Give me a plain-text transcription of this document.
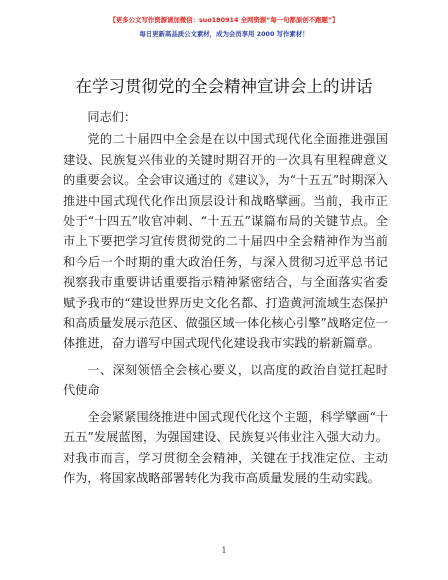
【更多公文写作资源请加微信：suo180914 全网资源“每一句都原创不跑题”】
每日更新高品质公文素材，成为会员享用 2000 写作素材！
在学习贯彻党的全会精神宣讲会上的讲话

同志们：

党的二十届四中全会是在以中国式现代化全面推进强国建设、民族复兴伟业的关键时期召开的一次具有里程碑意义的重要会议。全会审议通过的《建议》，为“十五五”时期深入推进中国式现代化作出顶层设计和战略擘画。当前，我市正处于“十四五”收官冲刺、“十五五”谋篇布局的关键节点。全市上下要把学习宣传贯彻党的二十届四中全会精神作为当前和今后一个时期的重大政治任务，与深入贯彻习近平总书记视察我市重要讲话重要指示精神紧密结合，与全面落实省委赋予我市的“建设世界历史文化名都、打造黄河流域生态保护和高质量发展示范区、做强区域一体化核心引擎”战略定位一体推进，奋力谱写中国式现代化建设我市实践的崭新篇章。

一、深刻领悟全会核心要义，以高度的政治自觉扛起时代使命

全会紧紧围绕推进中国式现代化这个主题，科学擘画“十五五”发展蓝图，为强国建设、民族复兴伟业注入强大动力。对我市而言，学习贯彻全会精神，关键在于找准定位、主动作为，将国家战略部署转化为我市高质量发展的生动实践。

1
